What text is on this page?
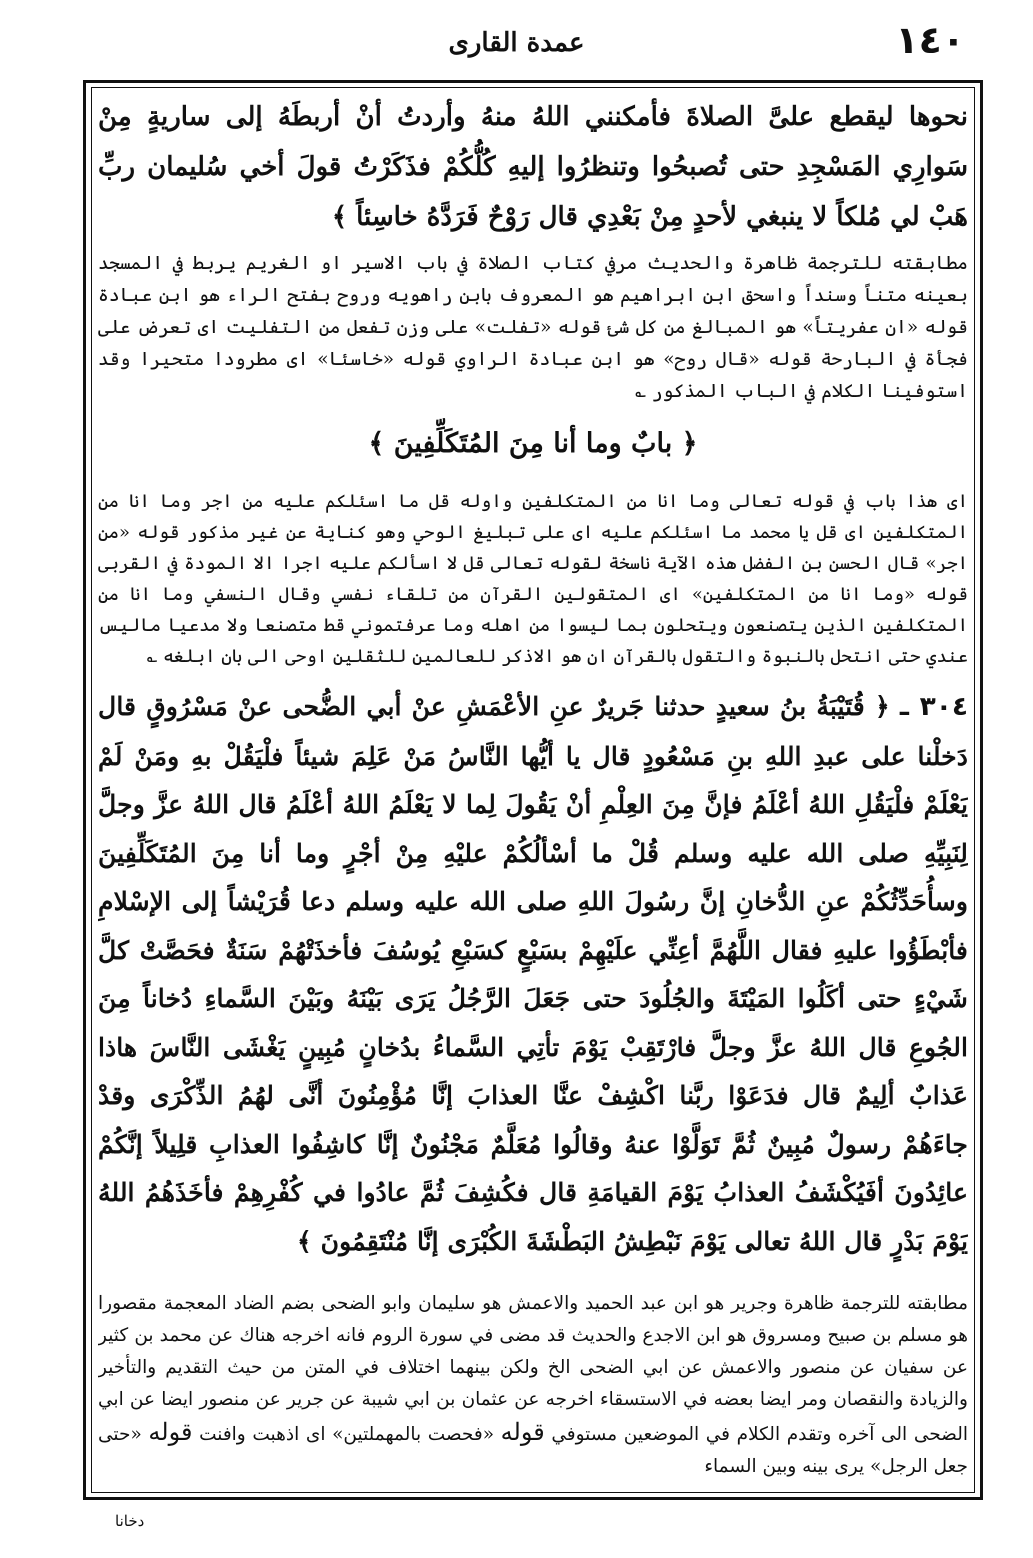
١٤٠
عمدة القاری

نحوها لیقطع علیَّ الصلاةَ فأمکنني اللهُ منهُ وأردتُ أنْ أربطَهُ إلى ساريةٍ مِنْ سَوارِي المَسْجِدِ حتى تُصبحُوا وتنظرُوا إليهِ كُلُّكُمْ فذَكَرْتُ قولَ أخي سُليمان ربِّ هَبْ لي مُلكاً لا ينبغي لأحدٍ مِنْ بَعْدِي قال رَوْحٌ فَرَدَّهُ خاسِئاً ﴾

مطابقته للترجمة ظاهرة والحديث مرفي كتاب الصلاة في باب الاسير او الغريم يربط في المسجد بعينه متناً وسنداً واسحق ابن ابراهيم هو المعروف بابن راهويه وروح بفتح الراء هو ابن عبادة قوله «ان عفريتاً» هو المبالغ من كل شئ قوله «تفلت» على وزن تفعل من التفليت اى تعرض على فجأة في البارحة قوله «قال روح» هو ابن عبادة الراوي قوله «خاسئا» اى مطرودا متحيرا وقد استوفينا الكلام في الباب المذكور ؎

﴿ بابٌ وما أنا مِنَ المُتَكَلِّفِينَ ﴾

اى هذا باب في قوله تعالى وما انا من المتكلفين واوله قل ما اسئلكم عليه من اجر وما انا من المتكلفين اى قل يا محمد ما اسئلكم عليه اى على تبليغ الوحي وهو كناية عن غير مذكور قوله «من اجر» قال الحسن بن الفضل هذه الآية ناسخة لقوله تعالى قل لا اسألكم عليه اجرا الا المودة في القربى قوله «وما انا من المتكلفين» اى المتقولين القرآن من تلقاء نفسي وقال النسفي وما انا من المتكلفين الذين يتصنعون ويتحلون بما ليسوا من اهله وما عرفتموني قط متصنعا ولا مدعيا ماليس عندي حتى انتحل بالنبوة والتقول بالقرآن ان هو الاذكر للعالمين للثقلين اوحى الى بان ابلغه ؎

٣٠٤ ـ ﴿ قُتَيْبَةُ بنُ سعيدٍ حدثنا جَريرٌ عنِ الأعْمَشِ عنْ أبي الضُّحى عنْ مَسْرُوقٍ قال دَخلْنا على عبدِ اللهِ بنِ مَسْعُودٍ قال يا أيُّها النَّاسُ مَنْ عَلِمَ شيئاً فلْيَقُلْ بهِ ومَنْ لَمْ يَعْلَمْ فلْيَقُلِ اللهُ أعْلَمُ فإنَّ مِنَ العِلْمِ أنْ يَقُولَ لِما لا يَعْلَمُ اللهُ أعْلَمُ قال اللهُ عزَّ وجلَّ لِنَبِيِّهِ صلى الله عليه وسلم قُلْ ما أسْألُكُمْ عليْهِ مِنْ أجْرٍ وما أنا مِنَ المُتَكَلِّفِينَ وسأُحَدِّثُكُمْ عنِ الدُّخانِ إنَّ رسُولَ اللهِ صلى الله عليه وسلم دعا قُرَيْشاً إلى الإسْلامِ فأبْطَؤُوا عليهِ فقال اللَّهُمَّ أعِنِّي علَيْهِمْ بسَبْعٍ كسَبْعِ يُوسُفَ فأخذَتْهُمْ سَنَةٌ فحَصَّتْ كلَّ شَيْءٍ حتى أكَلُوا المَيْتَةَ والجُلُودَ حتى جَعَلَ الرَّجُلُ يَرَى بَيْنَهُ وبَيْنَ السَّماءِ دُخاناً مِنَ الجُوعِ قال اللهُ عزَّ وجلَّ فارْتَقِبْ يَوْمَ تأتِي السَّماءُ بدُخانٍ مُبِينٍ يَغْشَى النَّاسَ هاذا عَذابٌ ألِيمٌ قال فدَعَوْا ربَّنا اكْشِفْ عنَّا العذابَ إنَّا مُؤْمِنُونَ أنَّى لهُمُ الذِّكْرَى وقدْ جاءَهُمْ رسولٌ مُبِينٌ ثُمَّ تَوَلَّوْا عنهُ وقالُوا مُعَلَّمٌ مَجْنُونٌ إنَّا كاشِفُوا العذابِ قلِيلاً إنَّكُمْ عائِدُونَ أفَيُكْشَفُ العذابُ يَوْمَ القيامَةِ قال فكُشِفَ ثُمَّ عادُوا في كُفْرِهِمْ فأخَذَهُمُ اللهُ يَوْمَ بَدْرٍ قال اللهُ تعالى يَوْمَ نَبْطِشُ البَطْشَةَ الكُبْرَى إنَّا مُنْتَقِمُونَ ﴾

مطابقته للترجمة ظاهرة وجرير هو ابن عبد الحميد والاعمش هو سليمان وابو الضحى بضم الضاد المعجمة مقصورا هو مسلم بن صبيح ومسروق هو ابن الاجدع والحديث قد مضى في سورة الروم فانه اخرجه هناك عن محمد بن كثير عن سفيان عن منصور والاعمش عن ابي الضحى الخ ولكن بينهما اختلاف في المتن من حيث التقديم والتأخير والزيادة والنقصان ومر ايضا بعضه في الاستسقاء اخرجه عن عثمان بن ابي شيبة عن جرير عن منصور ايضا عن ابي الضحى الى آخره وتقدم الكلام في الموضعين مستوفي قوله «فحصت بالمهملتين» اى اذهبت وافنت قوله «حتى جعل الرجل» يرى بينه وبين السماء

دخانا
